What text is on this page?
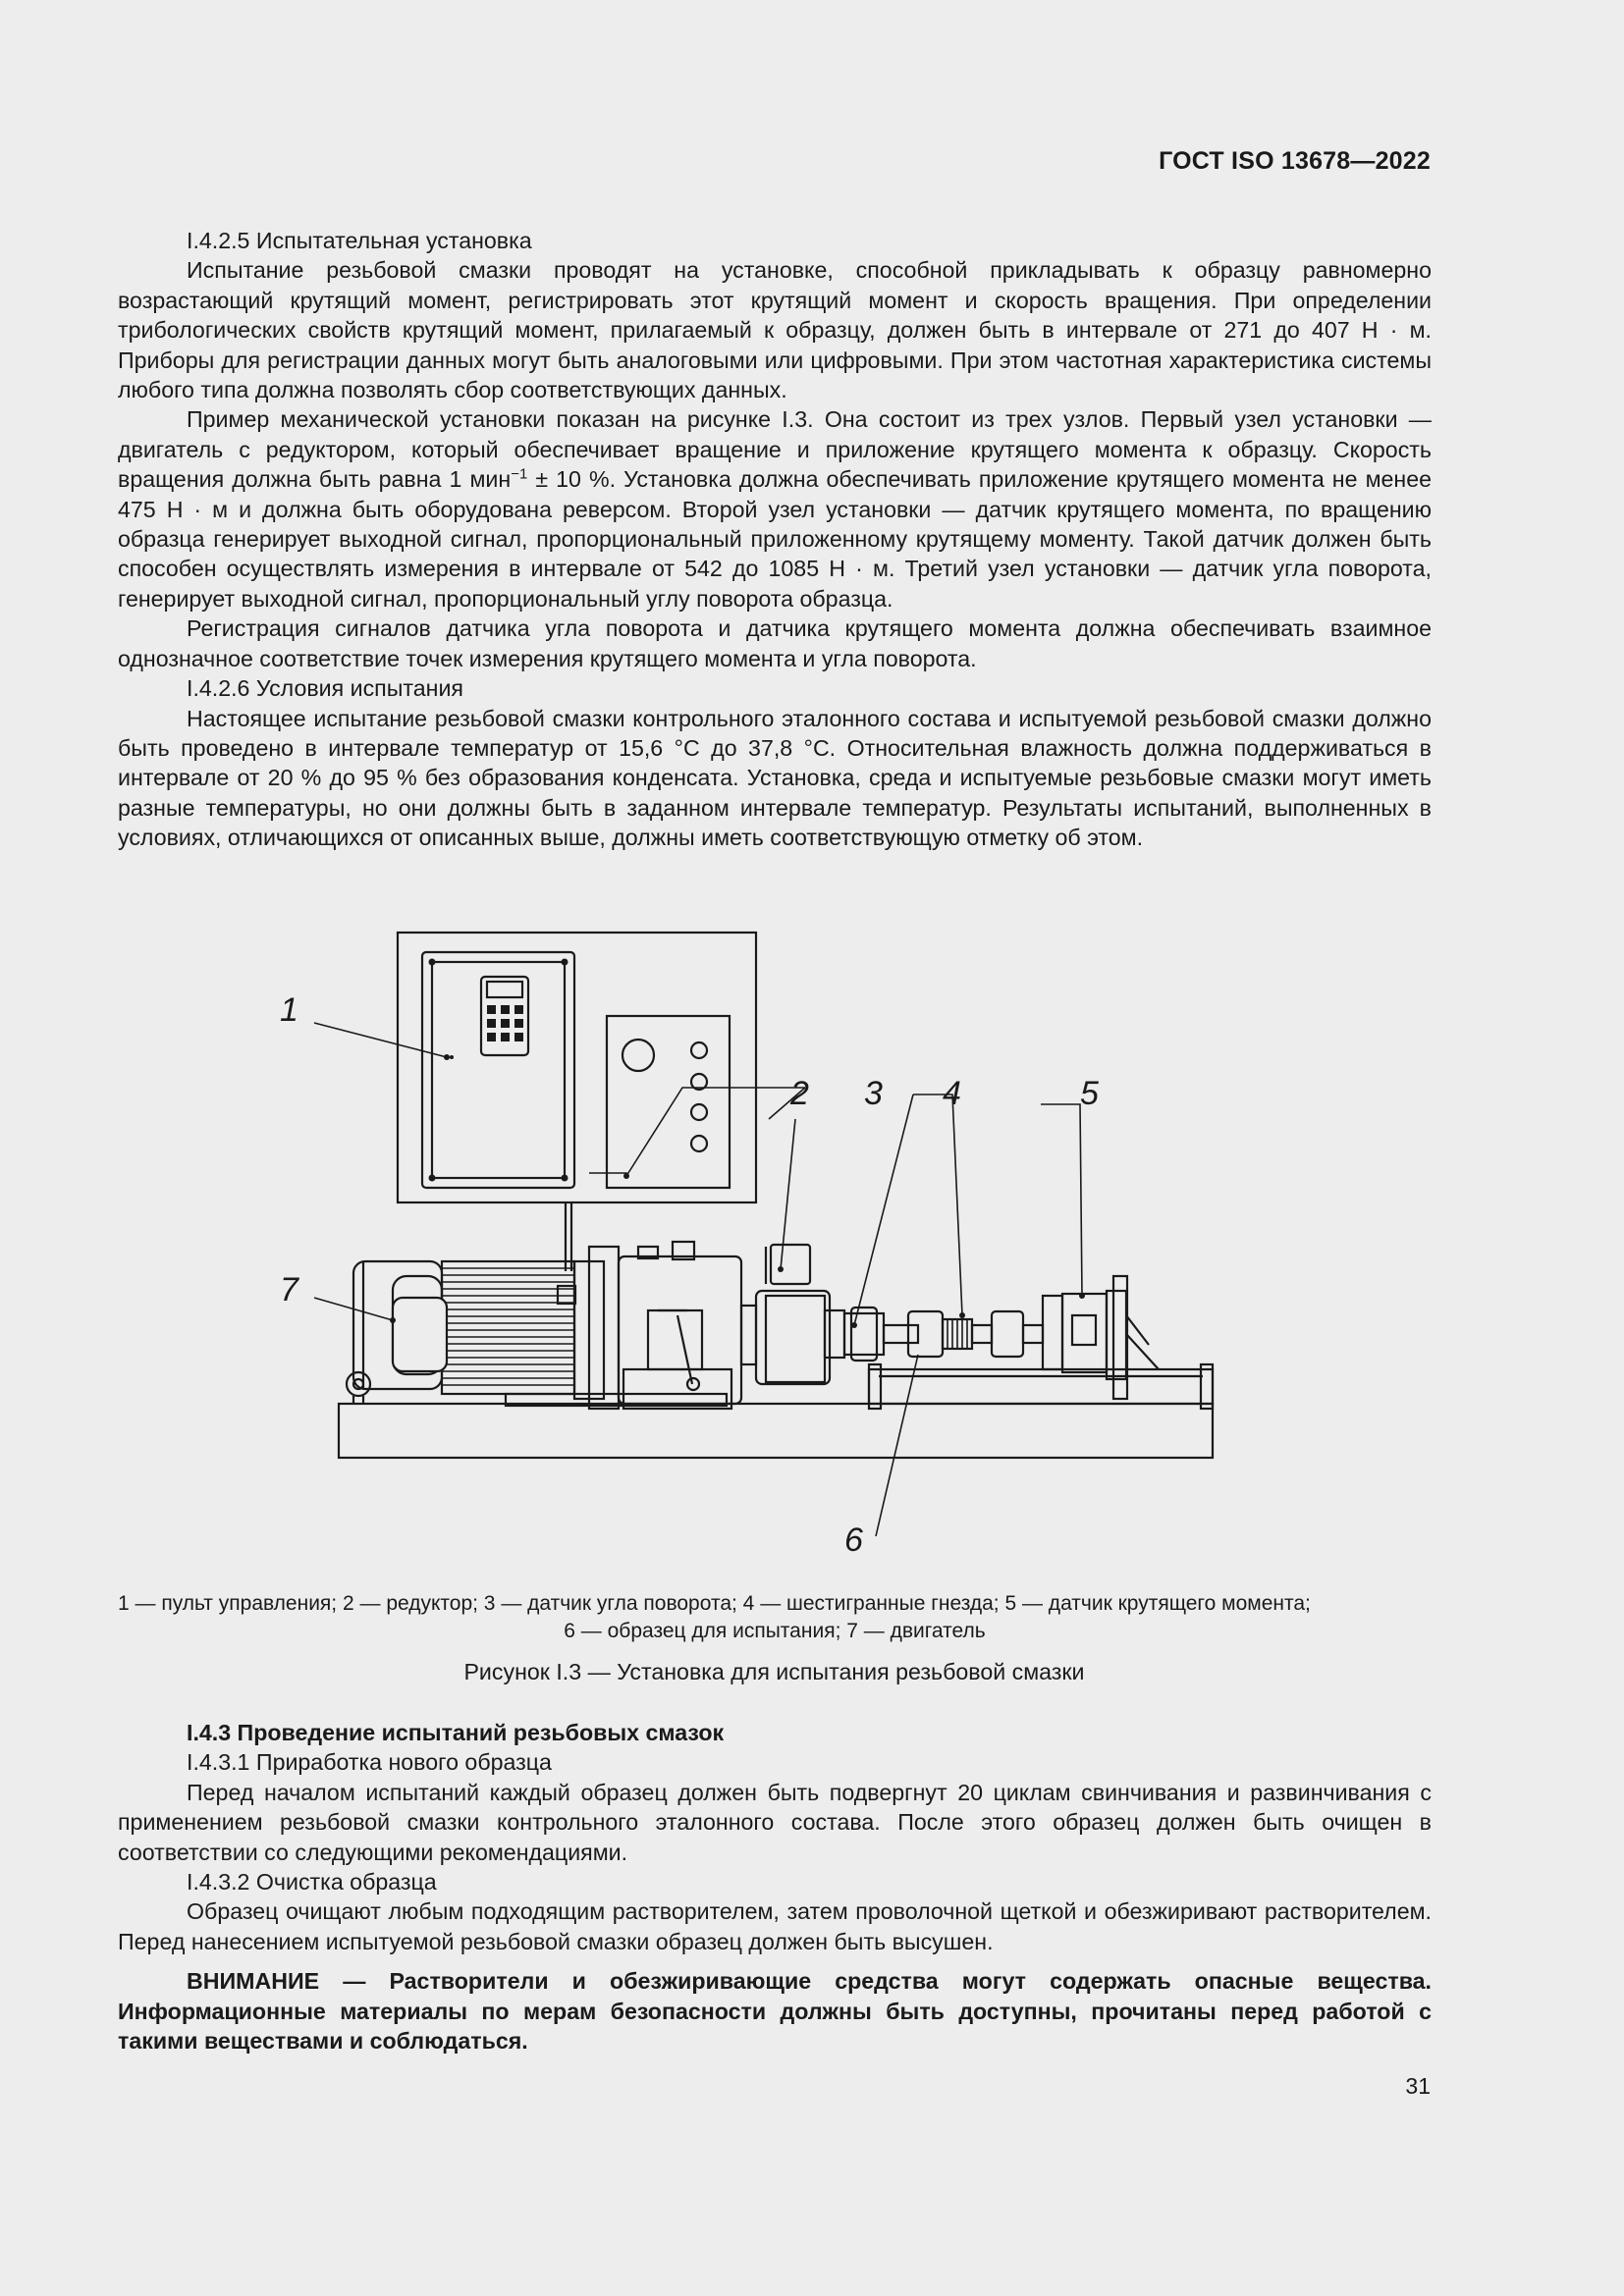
ГОСТ ISO 13678—2022

I.4.2.5 Испытательная установка

Испытание резьбовой смазки проводят на установке, способной прикладывать к образцу равномерно возрастающий крутящий момент, регистрировать этот крутящий момент и скорость вращения. При определении трибологических свойств крутящий момент, прилагаемый к образцу, должен быть в интервале от 271 до 407 Н · м. Приборы для регистрации данных могут быть аналоговыми или цифровыми. При этом частотная характеристика системы любого типа должна позволять сбор соответствующих данных.

Пример механической установки показан на рисунке I.3. Она состоит из трех узлов. Первый узел установки — двигатель с редуктором, который обеспечивает вращение и приложение крутящего момента к образцу. Скорость вращения должна быть равна 1 мин$^{-1}$ ± 10 %. Установка должна обеспечивать приложение крутящего момента не менее 475 Н · м и должна быть оборудована реверсом. Второй узел установки — датчик крутящего момента, по вращению образца генерирует выходной сигнал, пропорциональный приложенному крутящему моменту. Такой датчик должен быть способен осуществлять измерения в интервале от 542 до 1085 Н · м. Третий узел установки — датчик угла поворота, генерирует выходной сигнал, пропорциональный углу поворота образца.

Регистрация сигналов датчика угла поворота и датчика крутящего момента должна обеспечивать взаимное однозначное соответствие точек измерения крутящего момента и угла поворота.

I.4.2.6 Условия испытания

Настоящее испытание резьбовой смазки контрольного эталонного состава и испытуемой резьбовой смазки должно быть проведено в интервале температур от 15,6 °С до 37,8 °С. Относительная влажность должна поддерживаться в интервале от 20 % до 95 % без образования конденсата. Установка, среда и испытуемые резьбовые смазки могут иметь разные температуры, но они должны быть в заданном интервале температур. Результаты испытаний, выполненных в условиях, отличающихся от описанных выше, должны иметь соответствующую отметку об этом.

1
2 3 4	5
6
7
1 — пульт управления; 2 — редуктор; 3 — датчик угла поворота; 4 — шестигранные гнезда; 5 — датчик крутящего момента;
6 — образец для испытания; 7 — двигатель
Рисунок I.3 — Установка для испытания резьбовой смазки

I.4.3 Проведение испытаний резьбовых смазок

I.4.3.1 Приработка нового образца

Перед началом испытаний каждый образец должен быть подвергнут 20 циклам свинчивания и развинчивания с применением резьбовой смазки контрольного эталонного состава. После этого образец должен быть очищен в соответствии со следующими рекомендациями.

I.4.3.2 Очистка образца

Образец очищают любым подходящим растворителем, затем проволочной щеткой и обезжиривают растворителем. Перед нанесением испытуемой резьбовой смазки образец должен быть высушен.

ВНИМАНИЕ — Растворители и обезжиривающие средства могут содержать опасные вещества. Информационные материалы по мерам безопасности должны быть доступны, прочитаны перед работой с такими веществами и соблюдаться.

31
